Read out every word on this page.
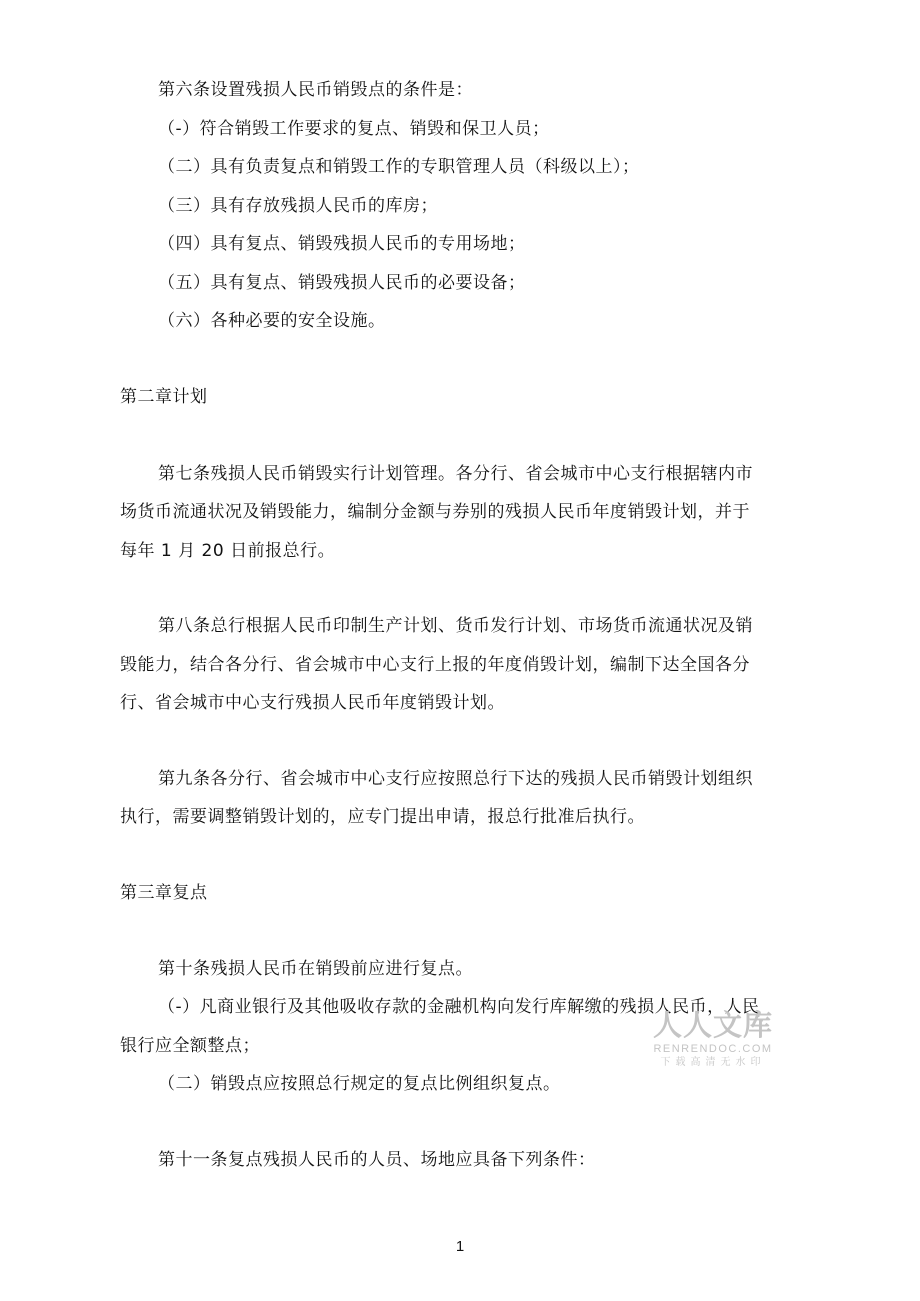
第六条设置残损人民币销毁点的条件是：
（-）符合销毁工作要求的复点、销毁和保卫人员；
（二）具有负责复点和销毁工作的专职管理人员（科级以上）；
（三）具有存放残损人民币的库房；
（四）具有复点、销毁残损人民币的专用场地；
（五）具有复点、销毁残损人民币的必要设备；
（六）各种必要的安全设施。
第二章计划
第七条残损人民币销毁实行计划管理。各分行、省会城市中心支行根据辖内市
场货币流通状况及销毁能力，编制分金额与券别的残损人民币年度销毁计划，并于
每年 1 月 20 日前报总行。
第八条总行根据人民币印制生产计划、货币发行计划、市场货币流通状况及销
毁能力，结合各分行、省会城市中心支行上报的年度俏毁计划，编制下达全国各分
行、省会城市中心支行残损人民币年度销毁计划。
第九条各分行、省会城市中心支行应按照总行下达的残损人民币销毁计划组织
执行，需要调整销毁计划的，应专门提出申请，报总行批准后执行。
第三章复点
第十条残损人民币在销毁前应进行复点。
（-）凡商业银行及其他吸收存款的金融机构向发行库解缴的残损人民币，人民
银行应全额整点；
（二）销毁点应按照总行规定的复点比例组织复点。
第十一条复点残损人民币的人员、场地应具备下列条件：
人人文库
RENRENDOC.COM
下载高清无水印
1
